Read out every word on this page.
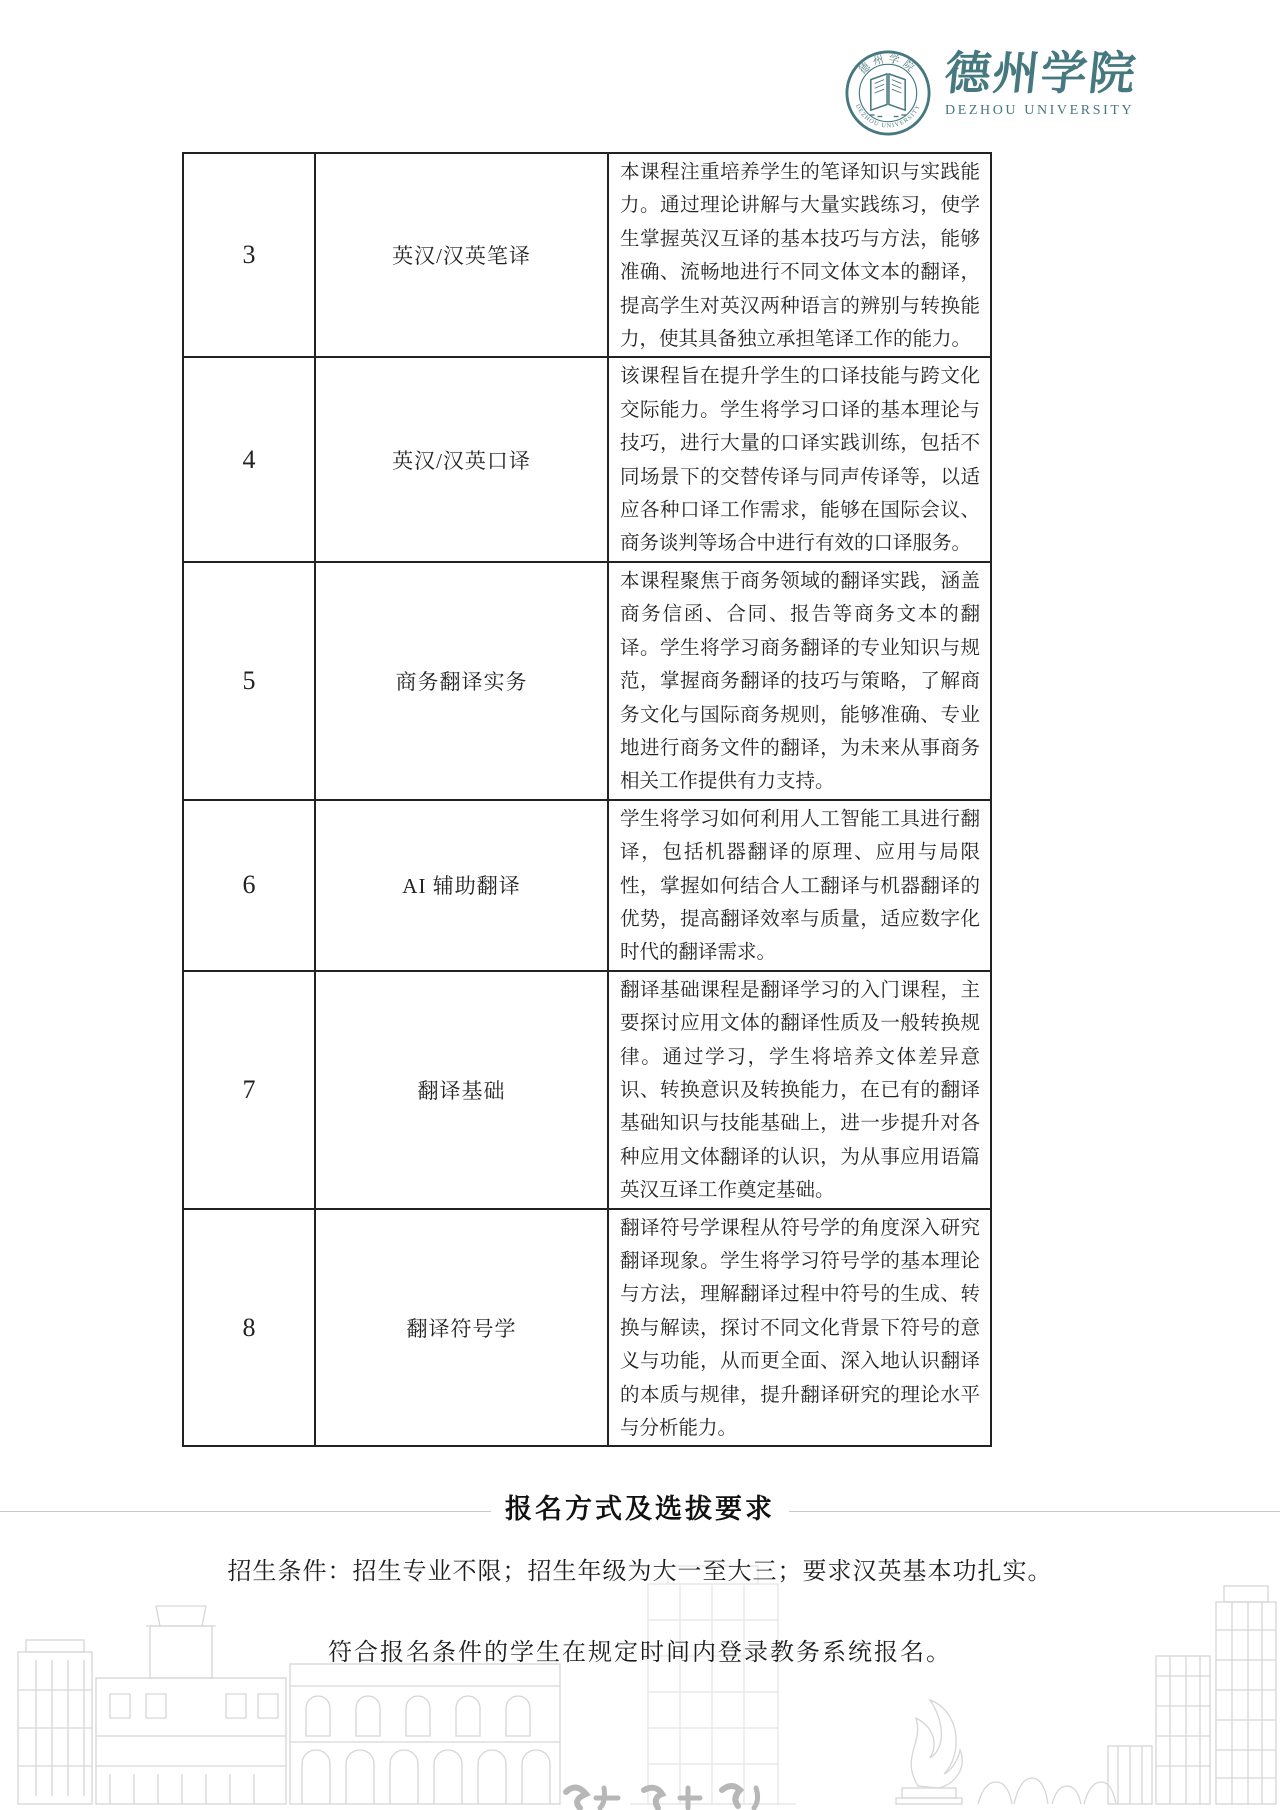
德州学院
DEZHOU UNIVERSITY
德州学院
DEZHOU UNIVERSITY
3	英汉/汉英笔译	本课程注重培养学生的笔译知识与实践能力。通过理论讲解与大量实践练习，使学生掌握英汉互译的基本技巧与方法，能够准确、流畅地进行不同文体文本的翻译，提高学生对英汉两种语言的辨别与转换能力，使其具备独立承担笔译工作的能力。
4	英汉/汉英口译	该课程旨在提升学生的口译技能与跨文化交际能力。学生将学习口译的基本理论与技巧，进行大量的口译实践训练，包括不同场景下的交替传译与同声传译等，以适应各种口译工作需求，能够在国际会议、商务谈判等场合中进行有效的口译服务。
5	商务翻译实务	本课程聚焦于商务领域的翻译实践，涵盖商务信函、合同、报告等商务文本的翻译。学生将学习商务翻译的专业知识与规范，掌握商务翻译的技巧与策略，了解商务文化与国际商务规则，能够准确、专业地进行商务文件的翻译，为未来从事商务相关工作提供有力支持。
6	AI 辅助翻译	学生将学习如何利用人工智能工具进行翻译，包括机器翻译的原理、应用与局限性，掌握如何结合人工翻译与机器翻译的优势，提高翻译效率与质量，适应数字化时代的翻译需求。
7	翻译基础	翻译基础课程是翻译学习的入门课程，主要探讨应用文体的翻译性质及一般转换规律。通过学习，学生将培养文体差异意识、转换意识及转换能力，在已有的翻译基础知识与技能基础上，进一步提升对各种应用文体翻译的认识，为从事应用语篇英汉互译工作奠定基础。
8	翻译符号学	翻译符号学课程从符号学的角度深入研究翻译现象。学生将学习符号学的基本理论与方法，理解翻译过程中符号的生成、转换与解读，探讨不同文化背景下符号的意义与功能，从而更全面、深入地认识翻译的本质与规律，提升翻译研究的理论水平与分析能力。
报名方式及选拔要求
招生条件：招生专业不限；招生年级为大一至大三；要求汉英基本功扎实。
符合报名条件的学生在规定时间内登录教务系统报名。
